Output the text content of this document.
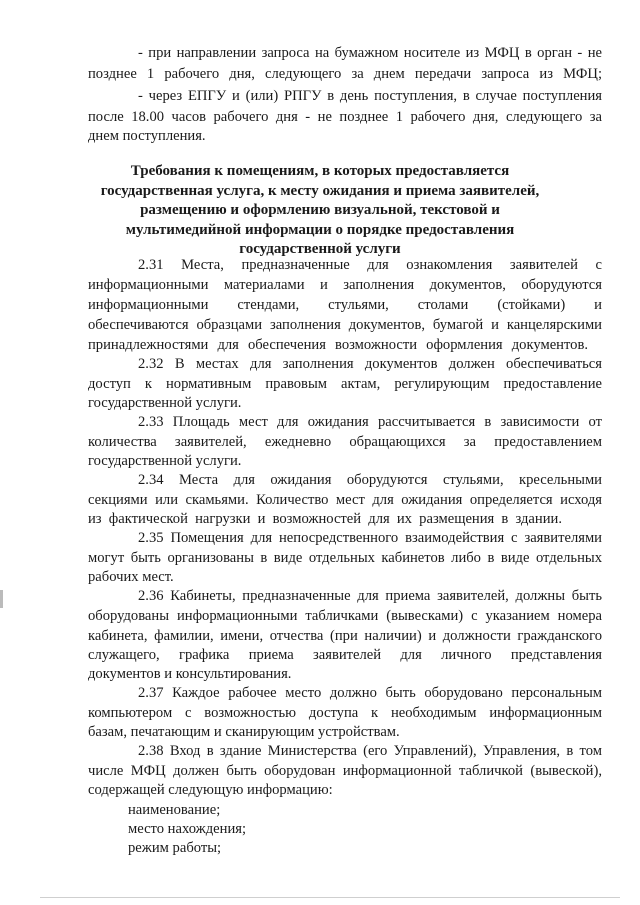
- при направлении запроса на бумажном носителе из МФЦ в орган - не
позднее 1 рабочего дня, следующего за днем передачи запроса из МФЦ;
- через ЕПГУ и (или) РПГУ в день поступления, в случае поступления
после 18.00 часов рабочего дня - не позднее 1 рабочего дня, следующего за
днем поступления.
Требования к помещениям, в которых предоставляется государственная услуга, к месту ожидания и приема заявителей, размещению и оформлению визуальной, текстовой и мультимедийной информации о порядке предоставления государственной услуги
2.31 Места, предназначенные для ознакомления заявителей с
информационными материалами и заполнения документов, оборудуются
информационными стендами, стульями, столами (стойками) и
обеспечиваются образцами заполнения документов, бумагой и канцелярскими
принадлежностями для обеспечения возможности оформления документов.
2.32 В местах для заполнения документов должен обеспечиваться
доступ к нормативным правовым актам, регулирующим предоставление
государственной услуги.
2.33 Площадь мест для ожидания рассчитывается в зависимости от
количества заявителей, ежедневно обращающихся за предоставлением
государственной услуги.
2.34 Места для ожидания оборудуются стульями, кресельными
секциями или скамьями. Количество мест для ожидания определяется исходя
из фактической нагрузки и возможностей для их размещения в здании.
2.35 Помещения для непосредственного взаимодействия с заявителями
могут быть организованы в виде отдельных кабинетов либо в виде отдельных
рабочих мест.
2.36 Кабинеты, предназначенные для приема заявителей, должны быть
оборудованы информационными табличками (вывесками) с указанием номера
кабинета, фамилии, имени, отчества (при наличии) и должности гражданского
служащего, графика приема заявителей для личного представления
документов и консультирования.
2.37 Каждое рабочее место должно быть оборудовано персональным
компьютером с возможностью доступа к необходимым информационным
базам, печатающим и сканирующим устройствам.
2.38 Вход в здание Министерства (его Управлений), Управления, в том
числе МФЦ должен быть оборудован информационной табличкой (вывеской),
содержащей следующую информацию:
наименование;
место нахождения;
режим работы;
